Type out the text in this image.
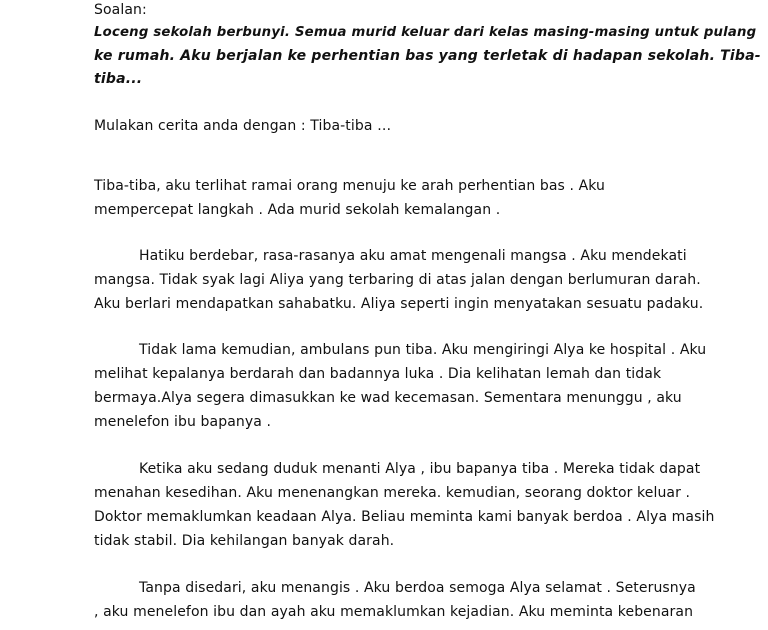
Soalan:
Loceng sekolah berbunyi. Semua murid keluar dari kelas masing-masing untuk pulang
ke rumah. Aku berjalan ke perhentian bas yang terletak di hadapan sekolah. Tiba-
tiba...
Mulakan cerita anda dengan : Tiba-tiba …
Tiba-tiba, aku terlihat ramai orang menuju ke arah perhentian bas . Aku
mempercepat langkah . Ada murid sekolah kemalangan .
Hatiku berdebar, rasa-rasanya aku amat mengenali mangsa . Aku mendekati
mangsa. Tidak syak lagi Aliya yang terbaring di atas jalan dengan berlumuran darah.
Aku berlari mendapatkan sahabatku. Aliya seperti ingin menyatakan sesuatu padaku.
Tidak lama kemudian, ambulans pun tiba. Aku mengiringi Alya ke hospital . Aku
melihat kepalanya berdarah dan badannya luka . Dia kelihatan lemah dan tidak
bermaya.Alya segera dimasukkan ke wad kecemasan. Sementara menunggu , aku
menelefon ibu bapanya .
Ketika aku sedang duduk menanti Alya , ibu bapanya tiba . Mereka tidak dapat
menahan kesedihan. Aku menenangkan mereka. kemudian, seorang doktor keluar .
Doktor memaklumkan keadaan Alya. Beliau meminta kami banyak berdoa . Alya masih
tidak stabil. Dia kehilangan banyak darah.
Tanpa disedari, aku menangis . Aku berdoa semoga Alya selamat . Seterusnya
, aku menelefon ibu dan ayah aku memaklumkan kejadian. Aku meminta kebenaran
